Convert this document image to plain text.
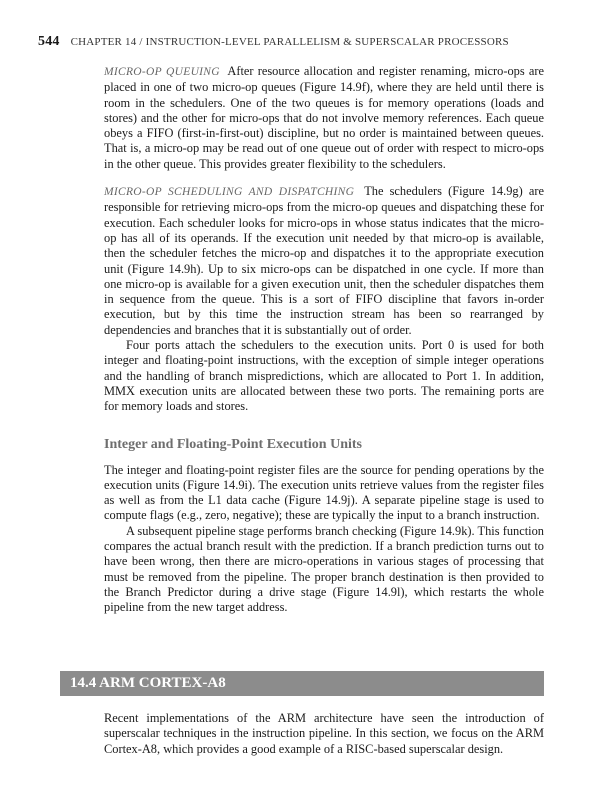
544 CHAPTER 14 / INSTRUCTION-LEVEL PARALLELISM & SUPERSCALAR PROCESSORS

MICRO-OP QUEUING After resource allocation and register renaming, micro-ops are placed in one of two micro-op queues (Figure 14.9f), where they are held until there is room in the schedulers. One of the two queues is for memory operations (loads and stores) and the other for micro-ops that do not involve memory references. Each queue obeys a FIFO (first-in-first-out) discipline, but no order is maintained between queues. That is, a micro-op may be read out of one queue out of order with respect to micro-ops in the other queue. This provides greater flexibility to the schedulers.

MICRO-OP SCHEDULING AND DISPATCHING The schedulers (Figure 14.9g) are responsible for retrieving micro-ops from the micro-op queues and dispatching these for execution. Each scheduler looks for micro-ops in whose status indicates that the micro-op has all of its operands. If the execution unit needed by that micro-op is available, then the scheduler fetches the micro-op and dispatches it to the appropriate execution unit (Figure 14.9h). Up to six micro-ops can be dispatched in one cycle. If more than one micro-op is available for a given execution unit, then the scheduler dispatches them in sequence from the queue. This is a sort of FIFO discipline that favors in-order execution, but by this time the instruction stream has been so rearranged by dependencies and branches that it is substantially out of order.

Four ports attach the schedulers to the execution units. Port 0 is used for both integer and floating-point instructions, with the exception of simple integer operations and the handling of branch mispredictions, which are allocated to Port 1. In addition, MMX execution units are allocated between these two ports. The remaining ports are for memory loads and stores.

Integer and Floating-Point Execution Units

The integer and floating-point register files are the source for pending operations by the execution units (Figure 14.9i). The execution units retrieve values from the register files as well as from the L1 data cache (Figure 14.9j). A separate pipeline stage is used to compute flags (e.g., zero, negative); these are typically the input to a branch instruction.

A subsequent pipeline stage performs branch checking (Figure 14.9k). This function compares the actual branch result with the prediction. If a branch prediction turns out to have been wrong, then there are micro-operations in various stages of processing that must be removed from the pipeline. The proper branch destination is then provided to the Branch Predictor during a drive stage (Figure 14.9l), which restarts the whole pipeline from the new target address.

14.4 ARM CORTEX-A8

Recent implementations of the ARM architecture have seen the introduction of superscalar techniques in the instruction pipeline. In this section, we focus on the ARM Cortex-A8, which provides a good example of a RISC-based superscalar design.
